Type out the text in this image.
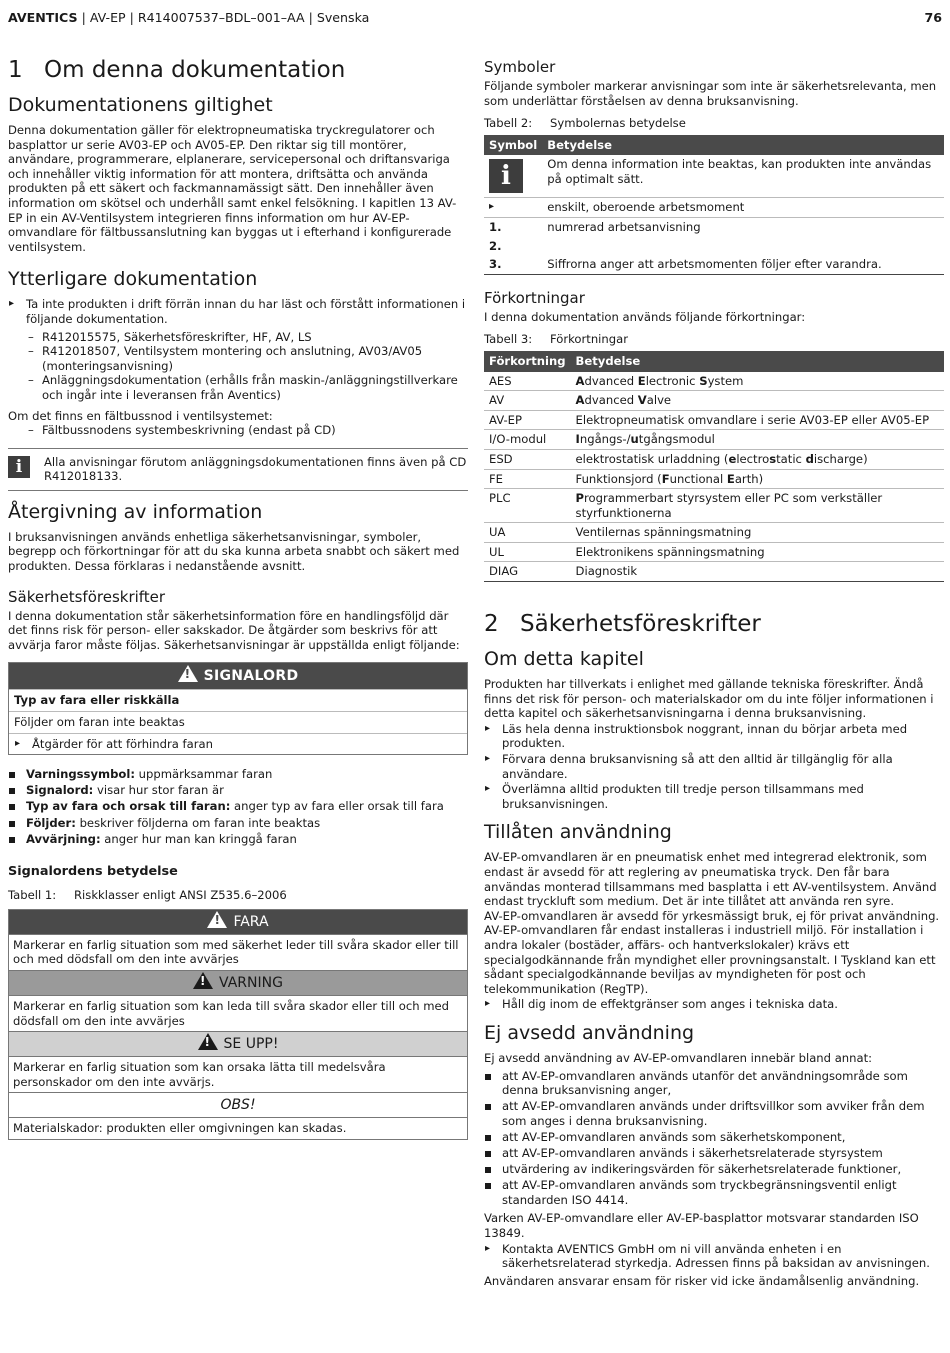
AVENTICS | AV-EP | R414007537–BDL–001–AA | Svenska	76
1 Om denna dokumentation
Dokumentationens giltighet

Denna dokumentation gäller för elektropneumatiska tryckregulatorer och basplattor ur serie AV03-EP och AV05-EP. Den riktar sig till montörer, användare, programmerare, elplanerare, servicepersonal och driftansvariga och innehåller viktig information för att montera, driftsätta och använda produkten på ett säkert och fackmannamässigt sätt. Den innehåller även information om skötsel och underhåll samt enkel felsökning. I kapitlen 13 AV-EP in ein AV-Ventilsystem integrieren finns information om hur AV-EP-omvandlare för fältbussanslutning kan byggas ut i efterhand i konfigurerade ventilsystem.

Ytterligare dokumentation
▸ Ta inte produkten i drift förrän innan du har läst och förstått informationen i följande dokumentation.
– R412015575, Säkerhetsföreskrifter, HF, AV, LS
– R412018507, Ventilsystem montering och anslutning, AV03/AV05 (monteringsanvisning)
– Anläggningsdokumentation (erhålls från maskin-/anläggningstillverkare och ingår inte i leveransen från Aventics)

Om det finns en fältbussnod i ventilsystemet:

– Fältbussnodens systembeskrivning (endast på CD)
i	Alla anvisningar förutom anläggningsdokumentationen finns även på CD R412018133.
Återgivning av information

I bruksanvisningen används enhetliga säkerhetsanvisningar, symboler, begrepp och förkortningar för att du ska kunna arbeta snabbt och säkert med produkten. Dessa förklaras i nedanstående avsnitt.

Säkerhetsföreskrifter

I denna dokumentation står säkerhetsinformation före en handlingsföljd där det finns risk för person- eller sakskador. De åtgärder som beskrivs för att avvärja faror måste följas. Säkerhetsanvisningar är uppställda enligt följande:

!SIGNALORD
Typ av fara eller riskkälla
Följder om faran inte beaktas
▸ Åtgärder för att förhindra faran
Varningssymbol: uppmärksammar faran
Signalord: visar hur stor faran är
Typ av fara och orsak till faran: anger typ av fara eller orsak till fara
Följder: beskriver följderna om faran inte beaktas
Avvärjning: anger hur man kan kringgå faran
Signalordens betydelse

Tabell 1: Riskklasser enligt ANSI Z535.6–2006

!FARA
Markerar en farlig situation som med säkerhet leder till svåra skador eller till och med dödsfall om den inte avvärjes
!VARNING
Markerar en farlig situation som kan leda till svåra skador eller till och med dödsfall om den inte avvärjes
!SE UPP!
Markerar en farlig situation som kan orsaka lätta till medelsvåra personskador om den inte avvärjs.
OBS!
Materialskador: produkten eller omgivningen kan skadas.
Symboler

Följande symboler markerar anvisningar som inte är säkerhetsrelevanta, men som underlättar förståelsen av denna bruksanvisning.

Tabell 2: Symbolernas betydelse

Symbol	Betydelse

i	Om denna information inte beaktas, kan produkten inte användas på optimalt sätt.
▸	enskilt, oberoende arbetsmoment
1.	numrerad arbetsanvisning
2.	
3.	Siffrorna anger att arbetsmomenten följer efter varandra.
Förkortningar

I denna dokumentation används följande förkortningar:

Tabell 3: Förkortningar

Förkortning	Betydelse
AES	Advanced Electronic System
AV	Advanced Valve
AV-EP	Elektropneumatisk omvandlare i serie AV03-EP eller AV05-EP
I/O-modul	Ingångs-/utgångsmodul
ESD	elektrostatisk urladdning (electrostatic discharge)
FE	Funktionsjord (Functional Earth)
PLC	Programmerbart styrsystem eller PC som verkställer styrfunktionerna
UA	Ventilernas spänningsmatning
UL	Elektronikens spänningsmatning
DIAG	Diagnostik
2 Säkerhetsföreskrifter
Om detta kapitel

Produkten har tillverkats i enlighet med gällande tekniska föreskrifter. Ändå finns det risk för person- och materialskador om du inte följer informationen i detta kapitel och säkerhetsanvisningarna i denna bruksanvisning.

▸ Läs hela denna instruktionsbok noggrant, innan du börjar arbeta med produkten.
▸ Förvara denna bruksanvisning så att den alltid är tillgänglig för alla användare.
▸ Överlämna alltid produkten till tredje person tillsammans med bruksanvisningen.
Tillåten användning

AV-EP-omvandlaren är en pneumatisk enhet med integrerad elektronik, som endast är avsedd för att reglering av pneumatiska tryck. Den får bara användas monterad tillsammans med basplatta i ett AV-ventilsystem. Använd endast tryckluft som medium. Det är inte tillåtet att använda ren syre.

AV-EP-omvandlaren är avsedd för yrkesmässigt bruk, ej för privat användning.

AV-EP-omvandlaren får endast installeras i industriell miljö. För installation i andra lokaler (bostäder, affärs- och hantverkslokaler) krävs ett specialgodkännande från myndighet eller provningsanstalt. I Tyskland kan ett sådant specialgodkännande beviljas av myndigheten för post och telekommunikation (RegTP).

▸ Håll dig inom de effektgränser som anges i tekniska data.
Ej avsedd användning

Ej avsedd användning av AV-EP-omvandlaren innebär bland annat:

att AV-EP-omvandlaren används utanför det användningsområde som denna bruksanvisning anger,
att AV-EP-omvandlaren används under driftsvillkor som avviker från dem som anges i denna bruksanvisning.
att AV-EP-omvandlaren används som säkerhetskomponent,
att AV-EP-omvandlaren används i säkerhetsrelaterade styrsystem
utvärdering av indikeringsvärden för säkerhetsrelaterade funktioner,
att AV-EP-omvandlaren används som tryckbegränsningsventil enligt standarden ISO 4414.

Varken AV-EP-omvandlare eller AV-EP-basplattor motsvarar standarden ISO 13849.

▸ Kontakta AVENTICS GmbH om ni vill använda enheten i en säkerhetsrelaterad styrkedja. Adressen finns på baksidan av anvisningen.

Användaren ansvarar ensam för risker vid icke ändamålsenlig användning.
